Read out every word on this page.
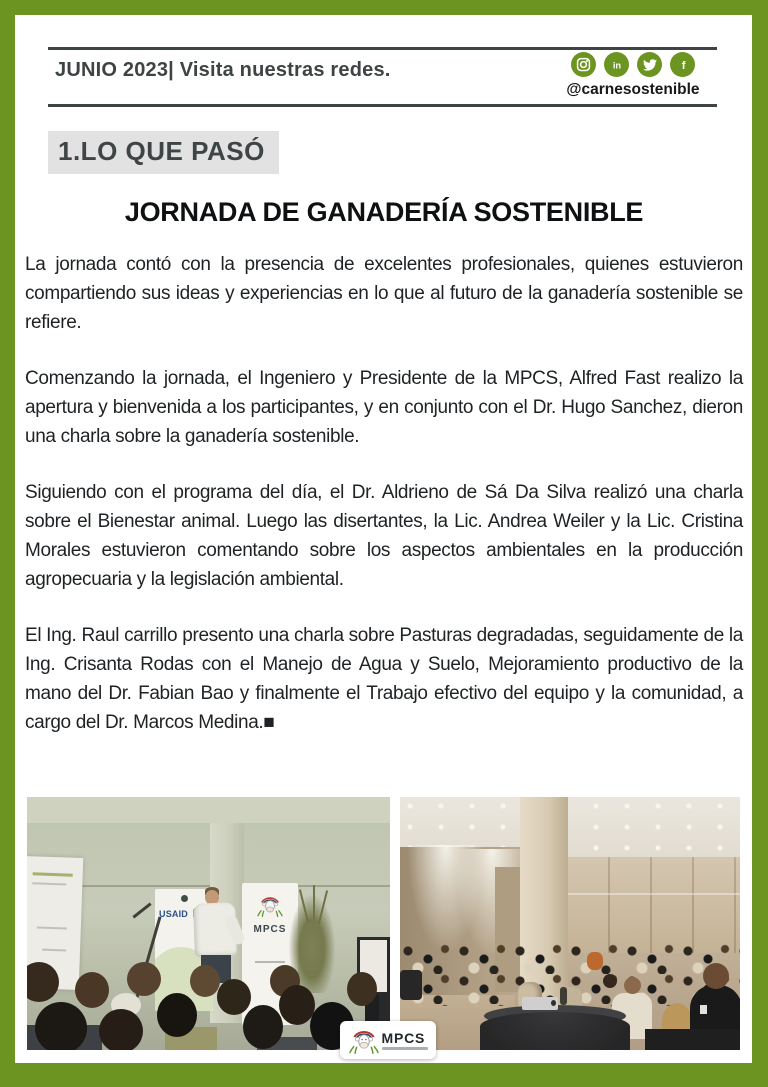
JUNIO 2023| Visita nuestras redes.	in	f
@carnesostenible
1.LO QUE PASÓ
JORNADA DE GANADERÍA SOSTENIBLE

La jornada contó con la presencia de excelentes profesionales, quienes estuvieron compartiendo sus ideas y experiencias en lo que al futuro de la ganadería sostenible se refiere.

Comenzando la jornada, el Ingeniero y Presidente de la MPCS, Alfred Fast realizo la apertura y bienvenida a los participantes, y en conjunto con el Dr. Hugo Sanchez, dieron una charla sobre la ganadería sostenible.

Siguiendo con el programa del día, el Dr. Aldrieno de Sá Da Silva realizó una charla sobre el Bienestar animal. Luego las disertantes, la Lic. Andrea Weiler y la Lic. Cristina Morales estuvieron comentando sobre los aspectos ambientales en la producción agropecuaria y la legislación ambiental.

El Ing. Raul carrillo presento una charla sobre Pasturas degradadas, seguidamente de la Ing. Crisanta Rodas con el Manejo de Agua y Suelo, Mejoramiento productivo de la mano del Dr. Fabian Bao y finalmente el Trabajo efectivo del equipo y la comunidad, a cargo del Dr. Marcos Medina.■

USAID
MPCS
MPCS
